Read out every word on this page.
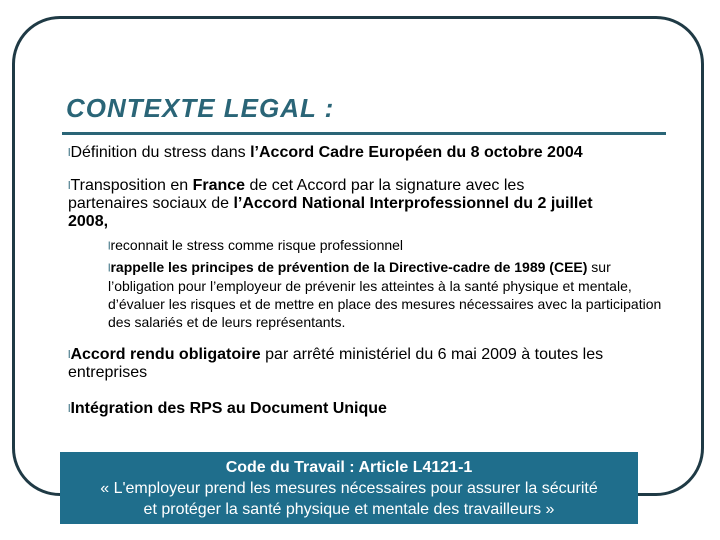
CONTEXTE LEGAL :
lDéfinition du stress dans l’Accord Cadre Européen du 8 octobre 2004
lTransposition en France de cet Accord par la signature avec les partenaires sociaux de l’Accord National Interprofessionnel du 2 juillet 2008,
lreconnait le stress comme risque professionnel
lrappelle les principes de prévention de la Directive-cadre de 1989 (CEE) sur l’obligation pour l’employeur de prévenir les atteintes à la santé physique et mentale, d’évaluer les risques et de mettre en place des mesures nécessaires avec la participation des salariés et de leurs représentants.
lAccord rendu obligatoire par arrêté ministériel du 6 mai 2009 à toutes les entreprises
lIntégration des RPS au Document Unique
Code du Travail : Article L4121-1
« L'employeur prend les mesures nécessaires pour assurer la sécurité
et protéger la santé physique et mentale des travailleurs »
